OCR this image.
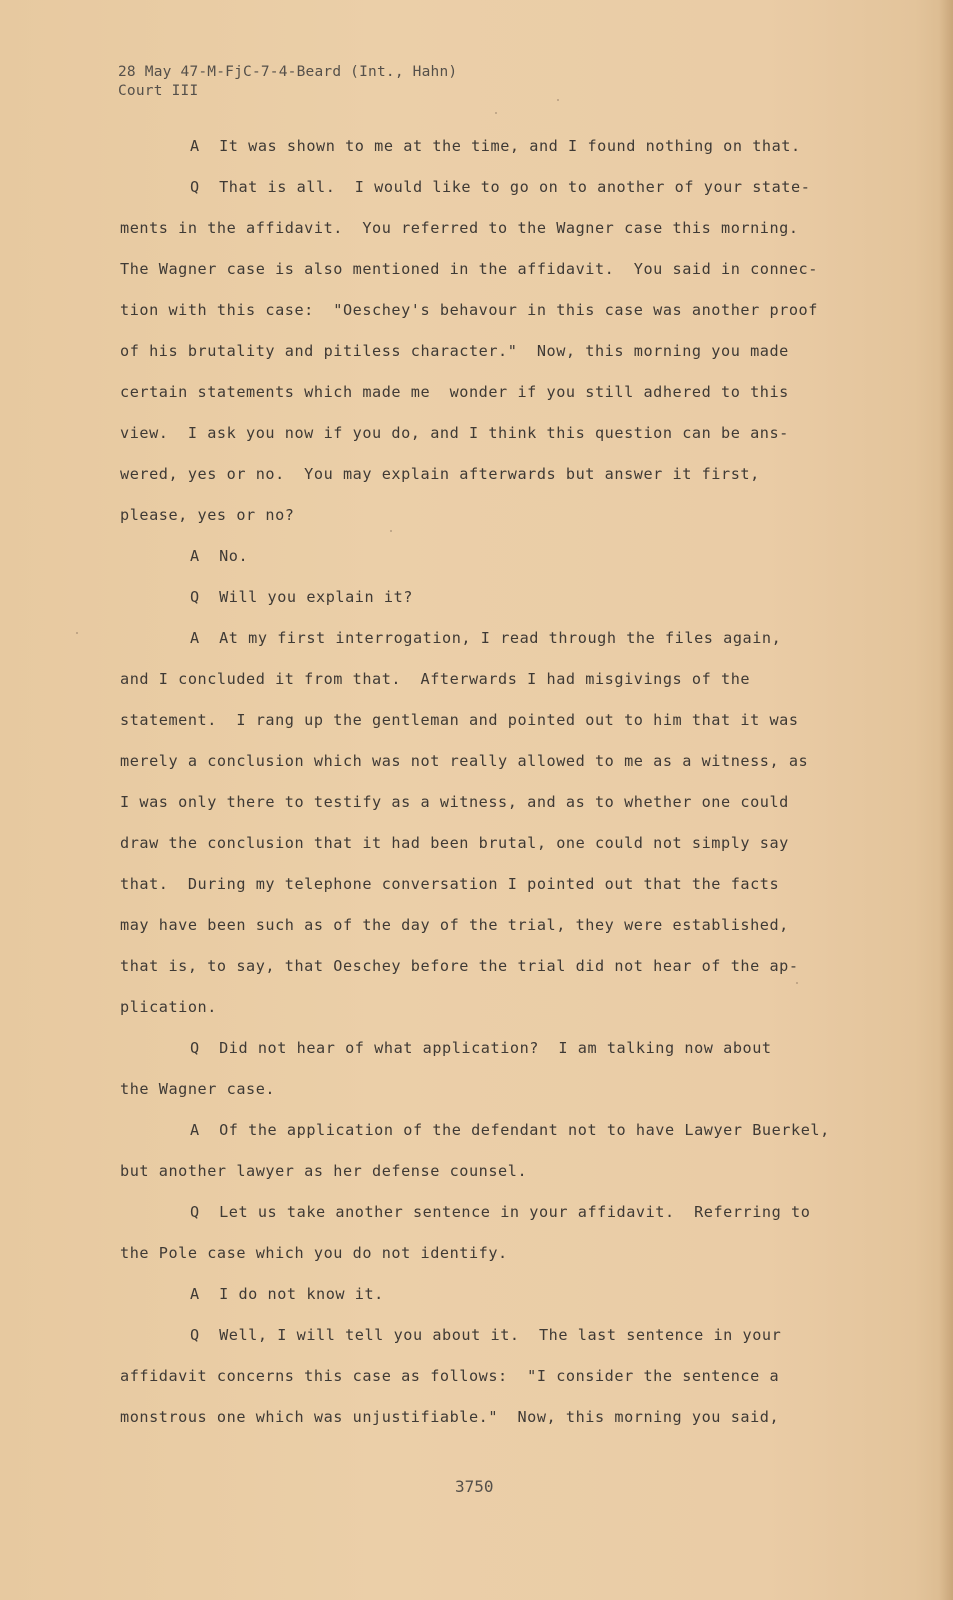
28 May 47-M-FjC-7-4-Beard (Int., Hahn)
Court III
A  It was shown to me at the time, and I found nothing on that.
Q  That is all.  I would like to go on to another of your state-
ments in the affidavit.  You referred to the Wagner case this morning.
The Wagner case is also mentioned in the affidavit.  You said in connec-
tion with this case:  "Oeschey's behavour in this case was another proof
of his brutality and pitiless character."  Now, this morning you made
certain statements which made me  wonder if you still adhered to this
view.  I ask you now if you do, and I think this question can be ans-
wered, yes or no.  You may explain afterwards but answer it first,
please, yes or no?
A  No.
Q  Will you explain it?
A  At my first interrogation, I read through the files again,
and I concluded it from that.  Afterwards I had misgivings of the
statement.  I rang up the gentleman and pointed out to him that it was
merely a conclusion which was not really allowed to me as a witness, as
I was only there to testify as a witness, and as to whether one could
draw the conclusion that it had been brutal, one could not simply say
that.  During my telephone conversation I pointed out that the facts
may have been such as of the day of the trial, they were established,
that is, to say, that Oeschey before the trial did not hear of the ap-
plication.
Q  Did not hear of what application?  I am talking now about
the Wagner case.
A  Of the application of the defendant not to have Lawyer Buerkel,
but another lawyer as her defense counsel.
Q  Let us take another sentence in your affidavit.  Referring to
the Pole case which you do not identify.
A  I do not know it.
Q  Well, I will tell you about it.  The last sentence in your
affidavit concerns this case as follows:  "I consider the sentence a
monstrous one which was unjustifiable."  Now, this morning you said,
3750
